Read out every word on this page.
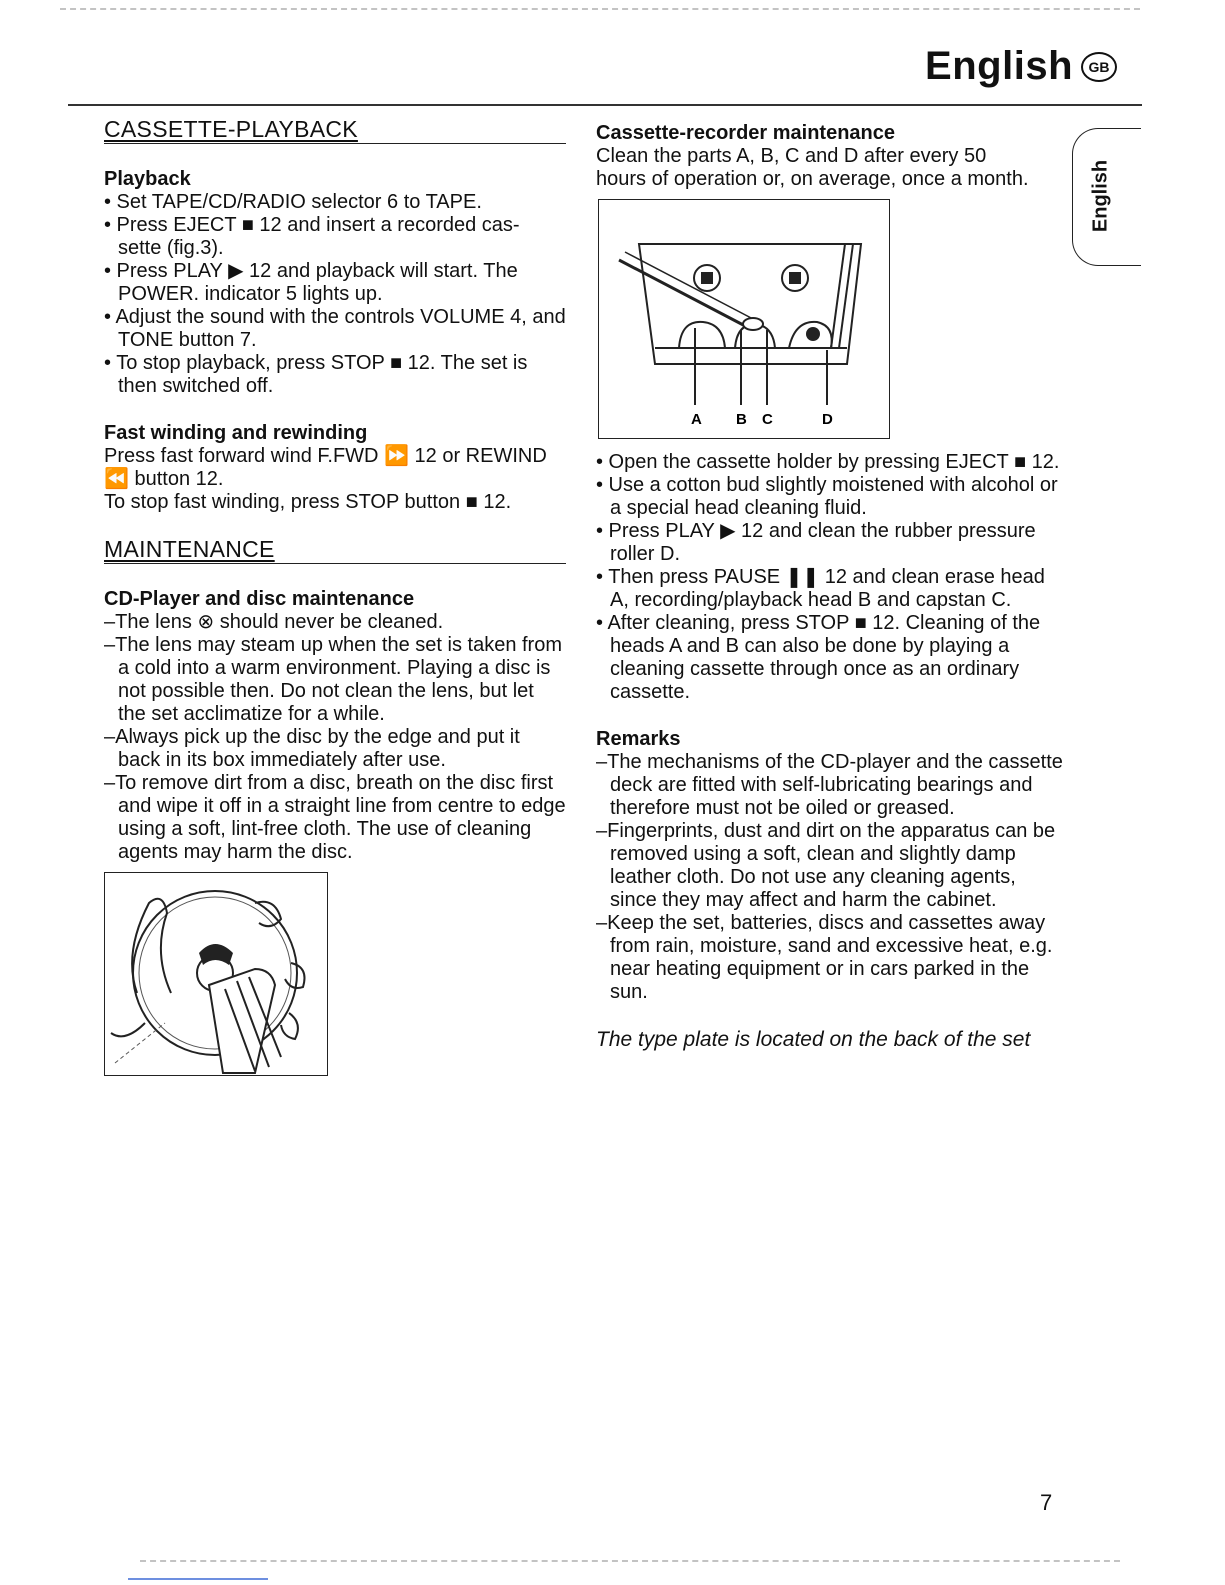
English	GB
English
CASSETTE-PLAYBACK

Playback

• Set TAPE/CD/RADIO selector 6 to TAPE.

• Press EJECT ■ 12 and insert a recorded cas- sette (fig.3).

• Press PLAY ▶ 12 and playback will start. The POWER. indicator 5 lights up.

• Adjust the sound with the controls VOLUME 4, and TONE button 7.

• To stop playback, press STOP ■ 12. The set is then switched off.

Fast winding and rewinding

Press fast forward wind F.FWD ⏩ 12 or REWIND ⏪ button 12.

To stop fast winding, press STOP button ■ 12.

MAINTENANCE

CD-Player and disc maintenance

–The lens ⊗ should never be cleaned.

–The lens may steam up when the set is taken from a cold into a warm environment. Playing a disc is not possible then. Do not clean the lens, but let the set acclimatize for a while.

–Always pick up the disc by the edge and put it back in its box immediately after use.

–To remove dirt from a disc, breath on the disc first and wipe it off in a straight line from centre to edge using a soft, lint-free cloth. The use of cleaning agents may harm the disc.

Cassette-recorder maintenance

Clean the parts A, B, C and D after every 50 hours of operation or, on average, once a month.

A B C	D

• Open the cassette holder by pressing EJECT ■ 12.

• Use a cotton bud slightly moistened with alcohol or a special head cleaning fluid.

• Press PLAY ▶ 12 and clean the rubber pressure roller D.

• Then press PAUSE ❚❚ 12 and clean erase head A, recording/playback head B and capstan C.

• After cleaning, press STOP ■ 12. Cleaning of the heads A and B can also be done by playing a cleaning cassette through once as an ordinary cassette.

Remarks

–The mechanisms of the CD-player and the cassette deck are fitted with self-lubricating bearings and therefore must not be oiled or greased.

–Fingerprints, dust and dirt on the apparatus can be removed using a soft, clean and slightly damp leather cloth. Do not use any cleaning agents, since they may affect and harm the cabinet.

–Keep the set, batteries, discs and cassettes away from rain, moisture, sand and excessive heat, e.g. near heating equipment or in cars parked in the sun.

The type plate is located on the back of the set

7
